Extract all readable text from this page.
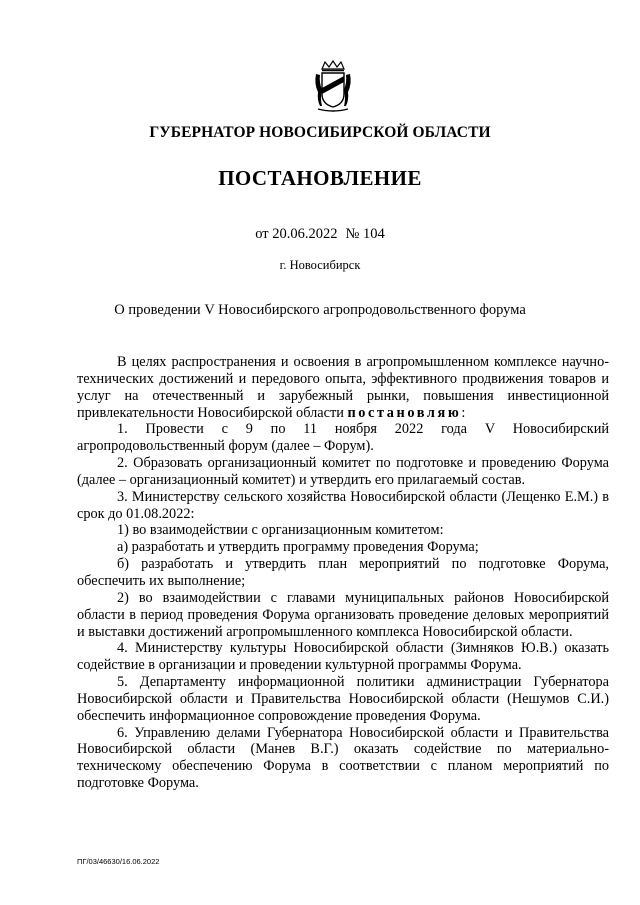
ГУБЕРНАТОР НОВОСИБИРСКОЙ ОБЛАСТИ
ПОСТАНОВЛЕНИЕ
от 20.06.2022 № 104
г. Новосибирск
О проведении V Новосибирского агропродовольственного форума

В целях распространения и освоения в агропромышленном комплексе научно-технических достижений и передового опыта, эффективного продвижения товаров и услуг на отечественный и зарубежный рынки, повышения инвестиционной привлекательности Новосибирской области постановляю:

1. Провести с 9 по 11 ноября 2022 года V Новосибирский агропродовольственный форум (далее – Форум).

2. Образовать организационный комитет по подготовке и проведению Форума (далее – организационный комитет) и утвердить его прилагаемый состав.

3. Министерству сельского хозяйства Новосибирской области (Лещенко Е.М.) в срок до 01.08.2022:

1) во взаимодействии с организационным комитетом:

а) разработать и утвердить программу проведения Форума;

б) разработать и утвердить план мероприятий по подготовке Форума, обеспечить их выполнение;

2) во взаимодействии с главами муниципальных районов Новосибирской области в период проведения Форума организовать проведение деловых мероприятий и выставки достижений агропромышленного комплекса Новосибирской области.

4. Министерству культуры Новосибирской области (Зимняков Ю.В.) оказать содействие в организации и проведении культурной программы Форума.

5. Департаменту информационной политики администрации Губернатора Новосибирской области и Правительства Новосибирской области (Нешумов С.И.) обеспечить информационное сопровождение проведения Форума.

6. Управлению делами Губернатора Новосибирской области и Правительства Новосибирской области (Манев В.Г.) оказать содействие по материально-техническому обеспечению Форума в соответствии с планом мероприятий по подготовке Форума.

ПГ/03/46630/16.06.2022
